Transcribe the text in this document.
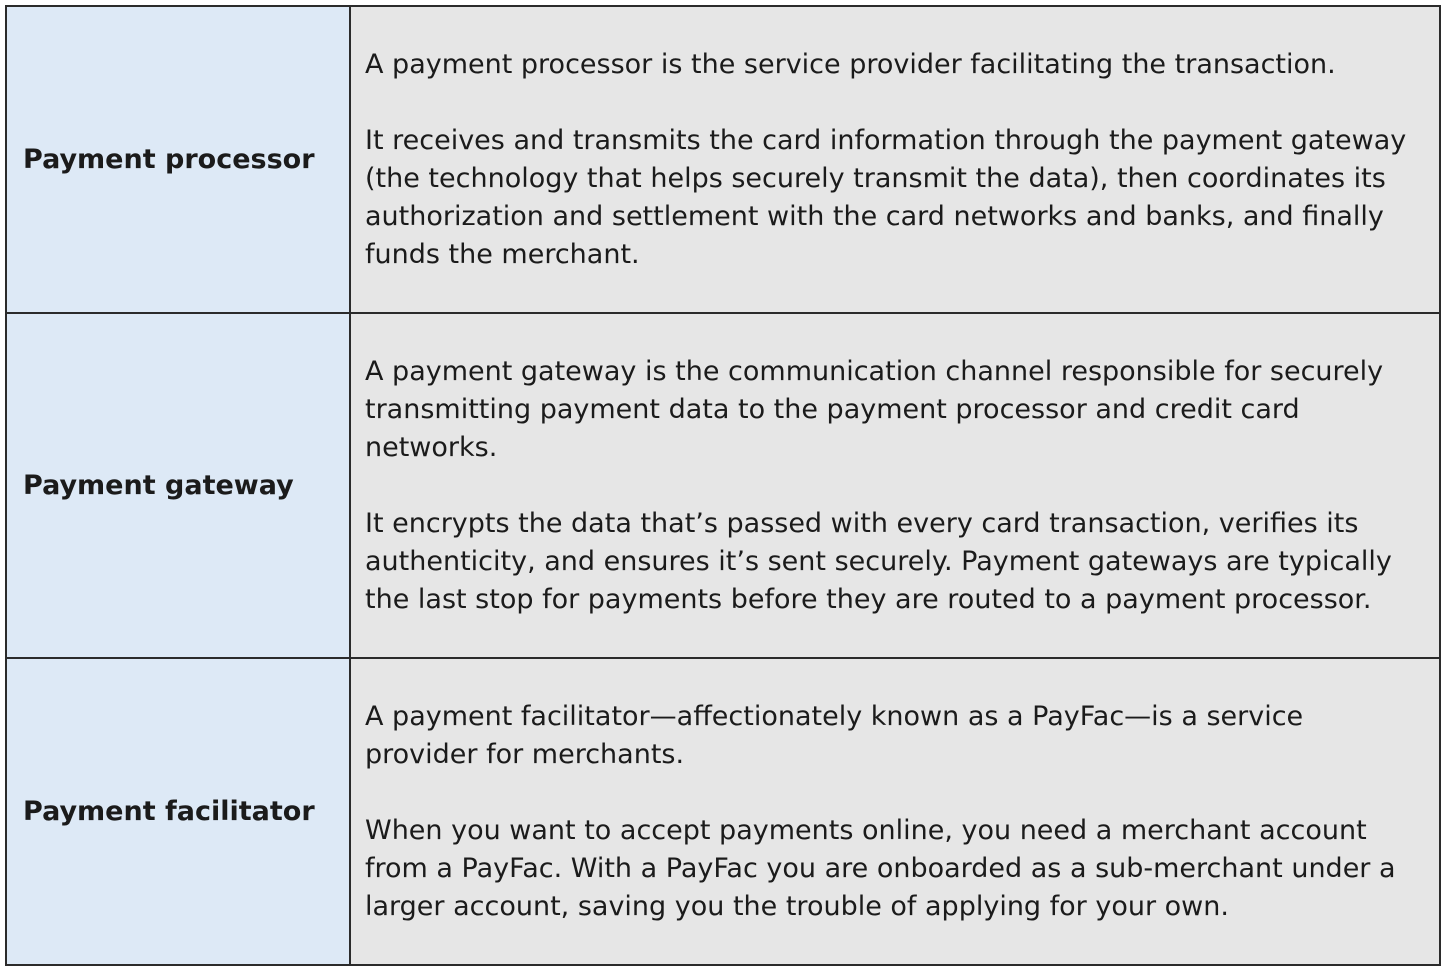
Payment processor	A payment processor is the service provider facilitating the transaction.

It receives and transmits the card information through the payment gateway (the technology that helps securely transmit the data), then coordinates its authorization and settlement with the card networks and banks, and finally funds the merchant.

Payment gateway	A payment gateway is the communication channel responsible for securely transmitting payment data to the payment processor and credit card networks.

It encrypts the data that’s passed with every card transaction, verifies its authenticity, and ensures it’s sent securely. Payment gateways are typically the last stop for payments before they are routed to a payment processor.

Payment facilitator	A payment facilitator—affectionately known as a PayFac—is a service provider for merchants.

When you want to accept payments online, you need a merchant account from a PayFac. With a PayFac you are onboarded as a sub-merchant under a larger account, saving you the trouble of applying for your own.
